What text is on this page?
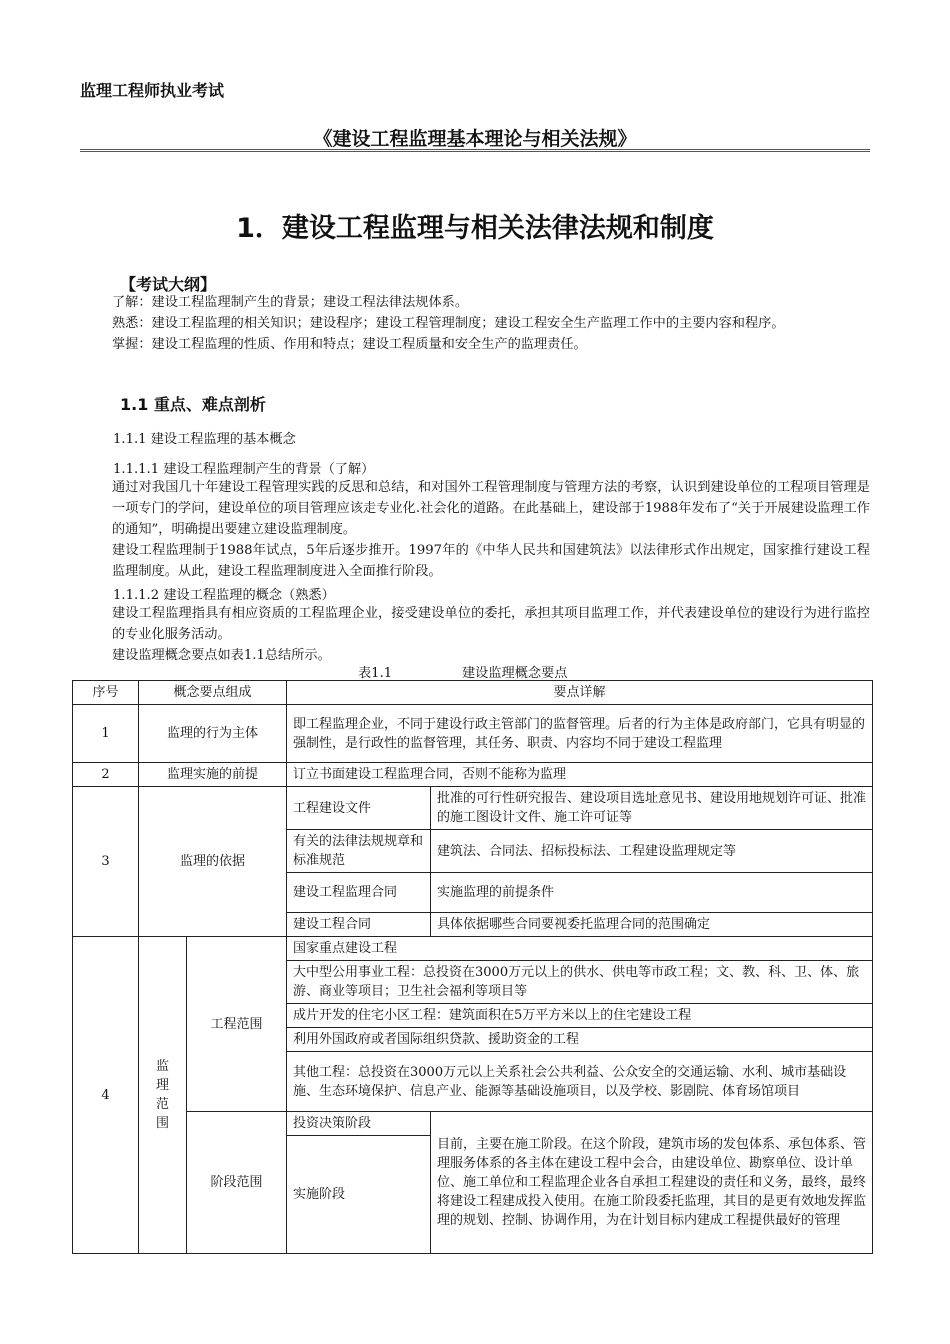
监理工程师执业考试
《建设工程监理基本理论与相关法规》
1．建设工程监理与相关法律法规和制度
【考试大纲】
了解：建设工程监理制产生的背景；建设工程法律法规体系。
熟悉：建设工程监理的相关知识；建设程序；建设工程管理制度；建设工程安全生产监理工作中的主要内容和程序。
掌握：建设工程监理的性质、作用和特点；建设工程质量和安全生产的监理责任。
1.1 重点、难点剖析
1.1.1 建设工程监理的基本概念
1.1.1.1 建设工程监理制产生的背景（了解）
通过对我国几十年建设工程管理实践的反思和总结，和对国外工程管理制度与管理方法的考察，认识到建设单位的工程项目管理是一项专门的学问，建设单位的项目管理应该走专业化.社会化的道路。在此基础上，建设部于1988年发布了“关于开展建设监理工作的通知”，明确提出要建立建设监理制度。
建设工程监理制于1988年试点，5年后逐步推开。1997年的《中华人民共和国建筑法》以法律形式作出规定，国家推行建设工程监理制度。从此，建设工程监理制度进入全面推行阶段。
1.1.1.2 建设工程监理的概念（熟悉）
建设工程监理指具有相应资质的工程监理企业，接受建设单位的委托，承担其项目监理工作，并代表建设单位的建设行为进行监控的专业化服务活动。
建设监理概念要点如表1.1总结所示。
表1.1	建设监理概念要点
序号	概念要点组成		要点详解	
1	监理的行为主体		即工程监理企业，不同于建设行政主管部门的监督管理。后者的行为主体是政府部门，它具有明显的强制性，是行政性的监督管理，其任务、职责、内容均不同于建设工程监理	
2	监理实施的前提		订立书面建设工程监理合同，否则不能称为监理	
3	监理的依据		工程建设文件	批准的可行性研究报告、建设项目选址意见书、建设用地规划许可证、批准的施工图设计文件、施工许可证等
			有关的法律法规规章和标准规范	建筑法、合同法、招标投标法、工程建设监理规定等
			建设工程监理合同	实施监理的前提条件
			建设工程合同	具体依据哪些合同要视委托监理合同的范围确定
4	监理范围	工程范围	国家重点建设工程	
			大中型公用事业工程：总投资在3000万元以上的供水、供电等市政工程；文、教、科、卫、体、旅游、商业等项目；卫生社会福利等项目等	
			成片开发的住宅小区工程：建筑面积在5万平方米以上的住宅建设工程	
			利用外国政府或者国际组织贷款、援助资金的工程	
			其他工程：总投资在3000万元以上关系社会公共利益、公众安全的交通运输、水利、城市基础设施、生态环境保护、信息产业、能源等基础设施项目，以及学校、影剧院、体育场馆项目	
		阶段范围	投资决策阶段	目前，主要在施工阶段。在这个阶段，建筑市场的发包体系、承包体系、管理服务体系的各主体在建设工程中会合，由建设单位、勘察单位、设计单位、施工单位和工程监理企业各自承担工程建设的责任和义务，最终，最终将建设工程建成投入使用。在施工阶段委托监理，其目的是更有效地发挥监理的规划、控制、协调作用，为在计划目标内建成工程提供最好的管理
			实施阶段	
